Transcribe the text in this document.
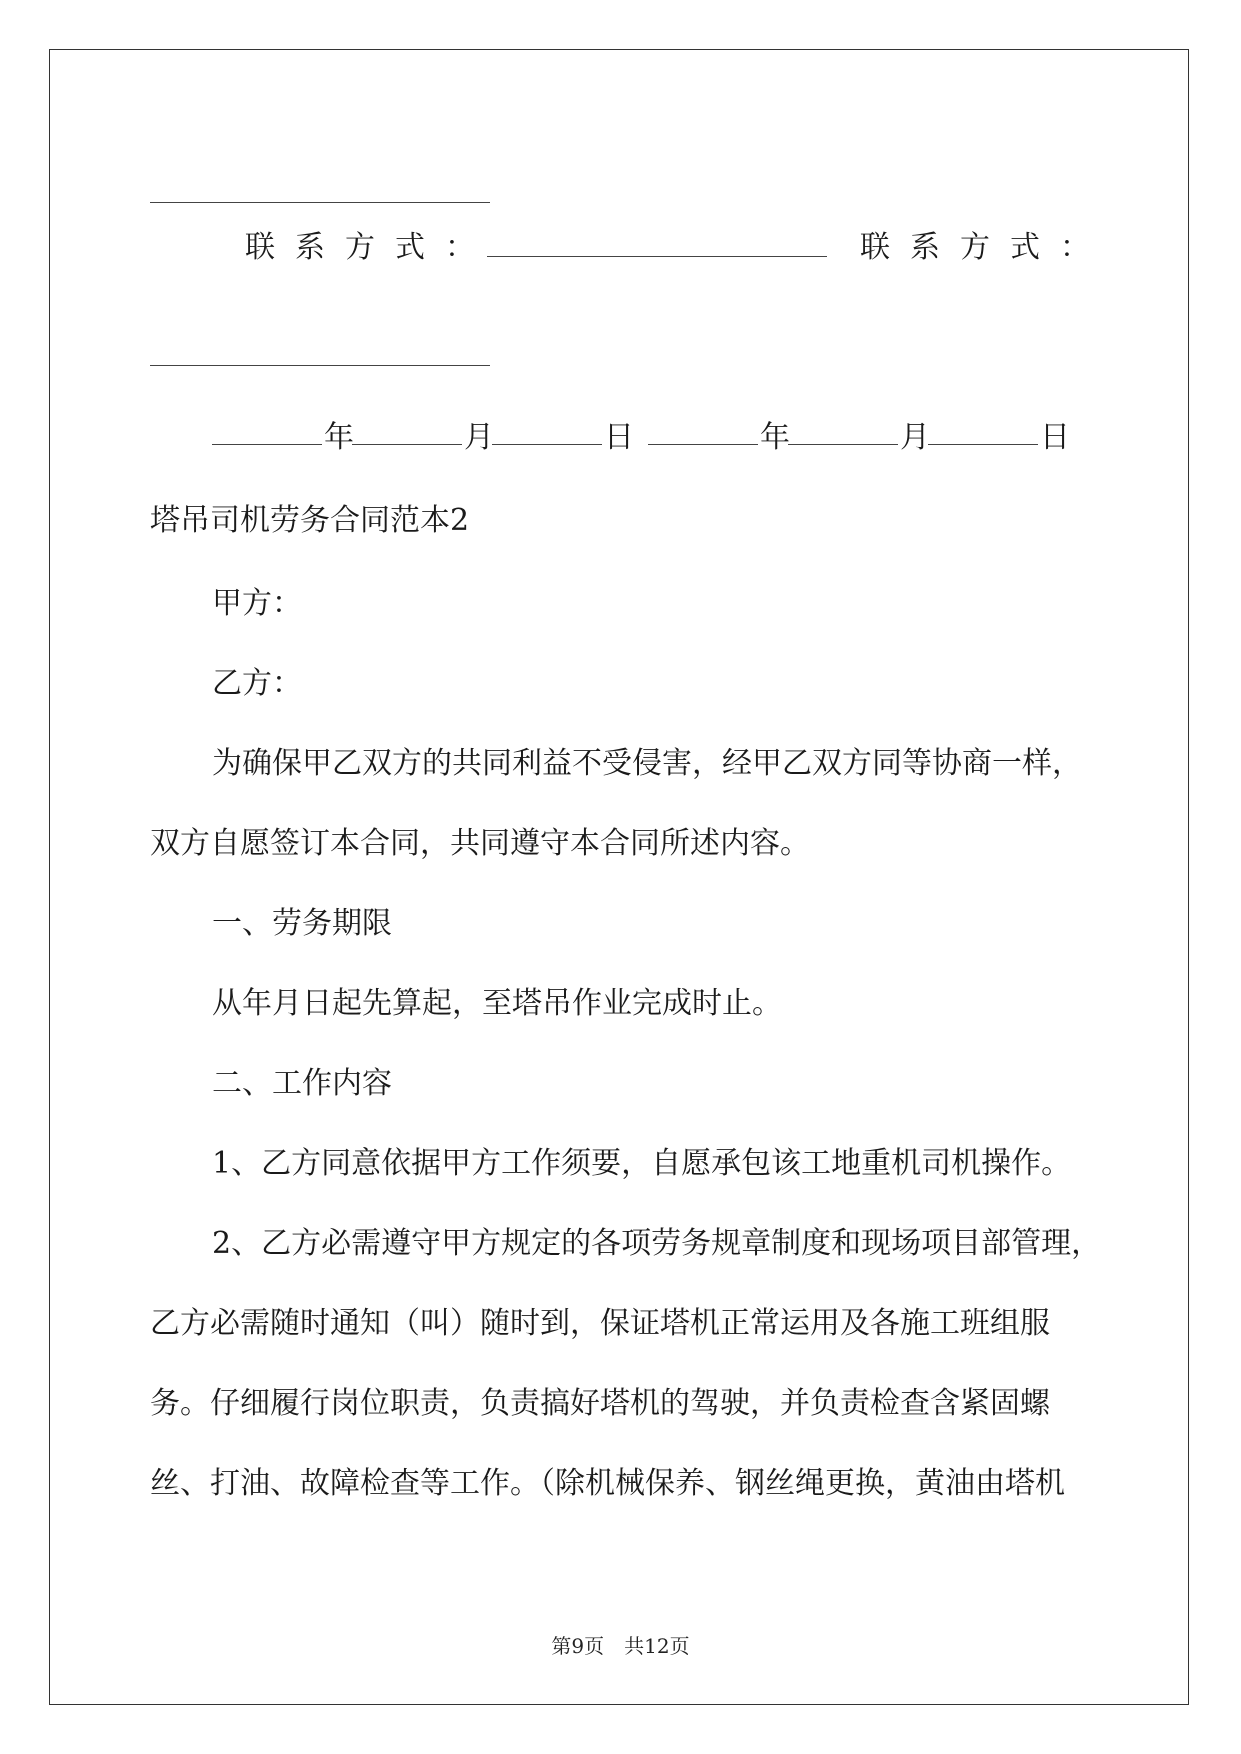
联系方式：	联系方式：
年	月	日	年	月	日
塔吊司机劳务合同范本2
甲方：
乙方：
为确保甲乙双方的共同利益不受侵害，经甲乙双方同等协商一样，
双方自愿签订本合同，共同遵守本合同所述内容。
一、劳务期限
从年月日起先算起，至塔吊作业完成时止。
二、工作内容
1、乙方同意依据甲方工作须要，自愿承包该工地重机司机操作。
2、乙方必需遵守甲方规定的各项劳务规章制度和现场项目部管理，
乙方必需随时通知（叫）随时到，保证塔机正常运用及各施工班组服
务。仔细履行岗位职责，负责搞好塔机的驾驶，并负责检查含紧固螺
丝、打油、故障检查等工作。（除机械保养、钢丝绳更换，黄油由塔机
第9页　共12页
